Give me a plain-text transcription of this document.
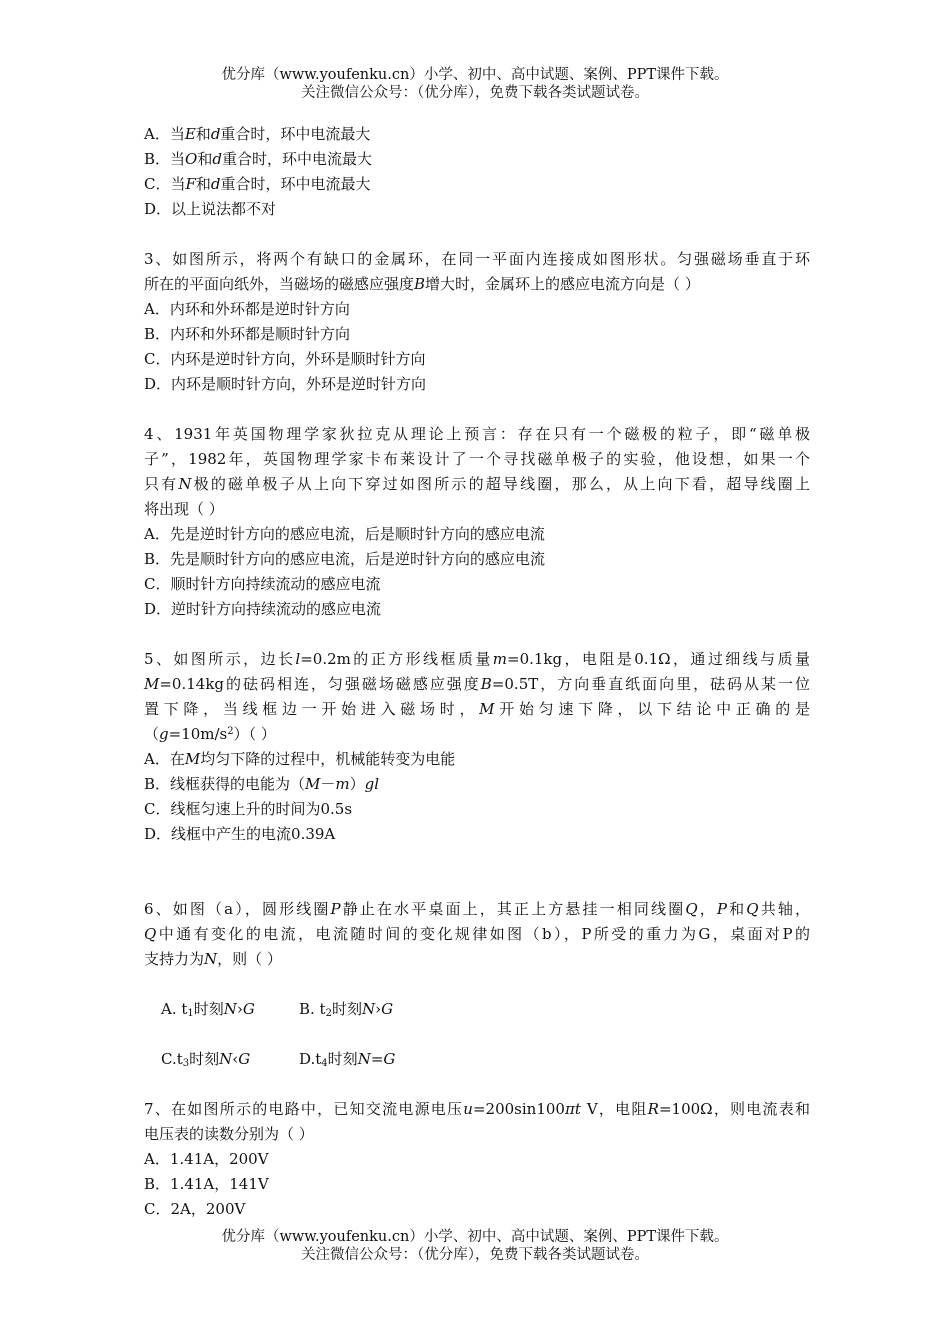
优分库（www.youfenku.cn）小学、初中、高中试题、案例、PPT课件下载。
关注微信公众号：（优分库），免费下载各类试题试卷。
A．当E和d重合时，环中电流最大
B．当O和d重合时，环中电流最大
C．当F和d重合时，环中电流最大
D．以上说法都不对
3、如图所示，将两个有缺口的金属环，在同一平面内连接成如图形状。匀强磁场垂直于环
所在的平面向纸外，当磁场的磁感应强度B增大时，金属环上的感应电流方向是（ ）
A．内环和外环都是逆时针方向
B．内环和外环都是顺时针方向
C．内环是逆时针方向，外环是顺时针方向
D．内环是顺时针方向，外环是逆时针方向
4、1931年英国物理学家狄拉克从理论上预言：存在只有一个磁极的粒子，即“磁单极
子”，1982年，英国物理学家卡布莱设计了一个寻找磁单极子的实验，他设想，如果一个
只有N极的磁单极子从上向下穿过如图所示的超导线圈，那么，从上向下看，超导线圈上
将出现（ ）
A．先是逆时针方向的感应电流，后是顺时针方向的感应电流
B．先是顺时针方向的感应电流，后是逆时针方向的感应电流
C．顺时针方向持续流动的感应电流
D．逆时针方向持续流动的感应电流
5、如图所示，边长l=0.2m的正方形线框质量m=0.1kg，电阻是0.1Ω，通过细线与质量
M=0.14kg的砝码相连，匀强磁场磁感应强度B=0.5T，方向垂直纸面向里，砝码从某一位
置下降，当线框边一开始进入磁场时，M开始匀速下降，以下结论中正确的是
$(g=10m/s^2)$（ ）
A．在M均匀下降的过程中，机械能转变为电能
B．线框获得的电能为（M－m）gl
C．线框匀速上升的时间为0.5s
D．线框中产生的电流0.39A
6、如图（a），圆形线圈P静止在水平桌面上，其正上方悬挂一相同线圈Q，P和Q共轴，
Q中通有变化的电流，电流随时间的变化规律如图（b），P所受的重力为G，桌面对P的
支持力为N，则（ ）
A. $t_1$时刻N›G	B. $t_2$时刻N›G
$C.t_3$时刻N‹G	$D.t_4$时刻N=G
7、在如图所示的电路中，已知交流电源电压u=200sin100πt V，电阻R=100Ω，则电流表和
电压表的读数分别为（ ）
A．1.41A，200V
B．1.41A，141V
C．2A，200V
优分库（www.youfenku.cn）小学、初中、高中试题、案例、PPT课件下载。
关注微信公众号：（优分库），免费下载各类试题试卷。
